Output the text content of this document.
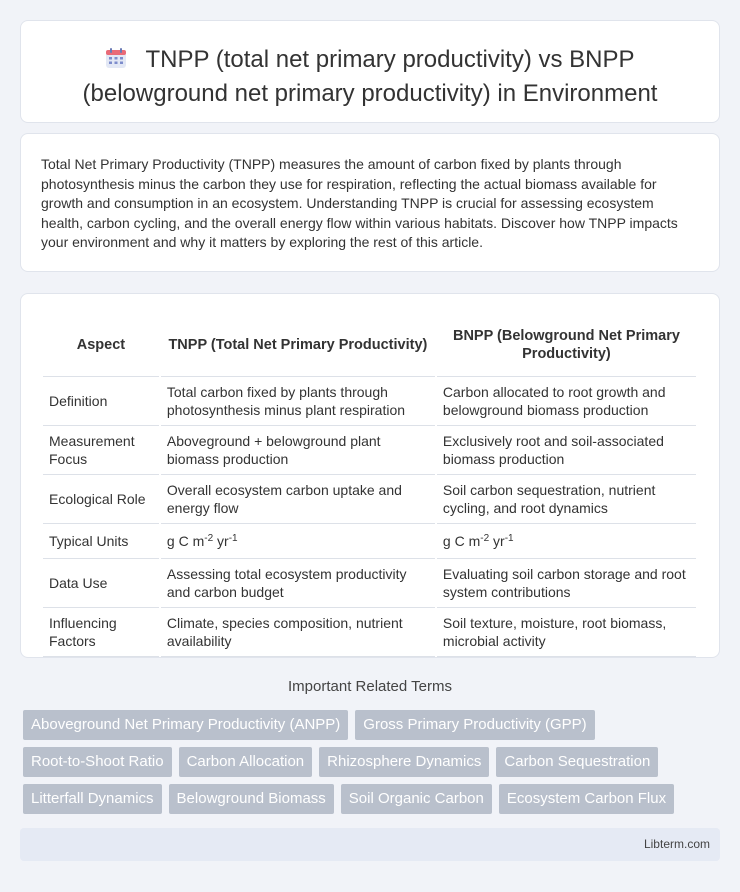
TNPP (total net primary productivity) vs BNPP (belowground net primary productivity) in Environment

Total Net Primary Productivity (TNPP) measures the amount of carbon fixed by plants through photosynthesis minus the carbon they use for respiration, reflecting the actual biomass available for growth and consumption in an ecosystem. Understanding TNPP is crucial for assessing ecosystem health, carbon cycling, and the overall energy flow within various habitats. Discover how TNPP impacts your environment and why it matters by exploring the rest of this article.

Aspect	TNPP (Total Net Primary Productivity)	BNPP (Belowground Net Primary Productivity)
Definition	Total carbon fixed by plants through photosynthesis minus plant respiration	Carbon allocated to root growth and belowground biomass production
Measurement Focus	Aboveground + belowground plant biomass production	Exclusively root and soil-associated biomass production
Ecological Role	Overall ecosystem carbon uptake and energy flow	Soil carbon sequestration, nutrient cycling, and root dynamics
Typical Units	g C $m^{-2}$ $yr^{-1}$	g C $m^{-2}$ $yr^{-1}$
Data Use	Assessing total ecosystem productivity and carbon budget	Evaluating soil carbon storage and root system contributions
Influencing Factors	Climate, species composition, nutrient availability	Soil texture, moisture, root biomass, microbial activity
Important Related Terms
Aboveground Net Primary Productivity (ANPP)	Gross Primary Productivity (GPP)
Root-to-Shoot Ratio	Carbon Allocation	Rhizosphere Dynamics	Carbon Sequestration
Litterfall Dynamics	Belowground Biomass	Soil Organic Carbon	Ecosystem Carbon Flux
Libterm.com
